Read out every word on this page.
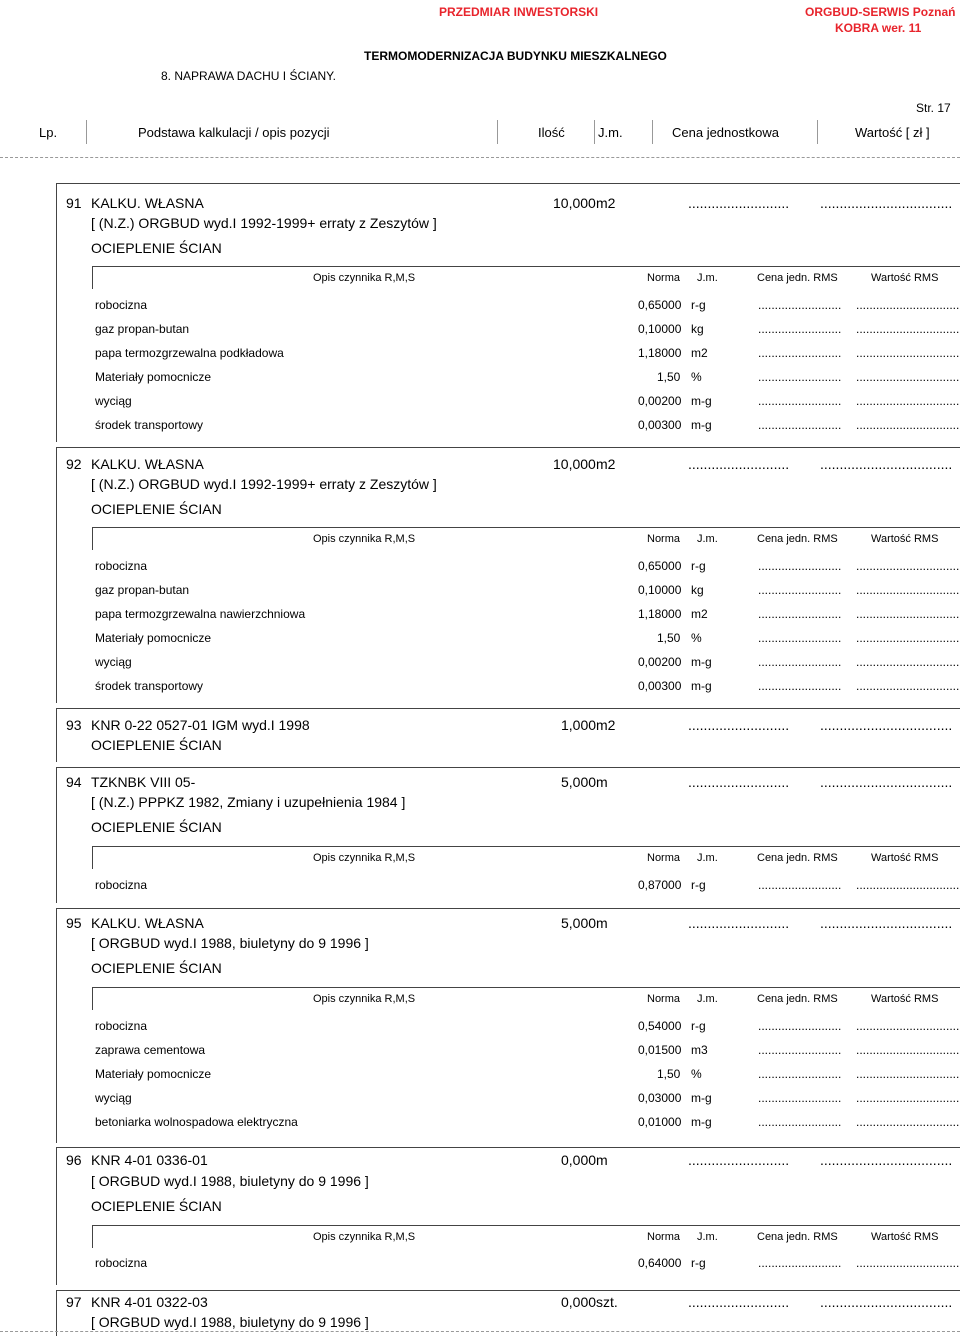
PRZEDMIAR INWESTORSKI	ORGBUD-SERWIS Poznań
KOBRA wer. 11
TERMOMODERNIZACJA BUDYNKU MIESZKALNEGO
8. NAPRAWA DACHU I ŚCIANY.
Str. 17
Lp.	Podstawa kalkulacji / opis pozycji	Ilość	J.m.	Cena jednostkowa	Wartość [ zł ]
91 KALKU. WŁASNA	10,000 m2	.......................... ..................................
[ (N.Z.) ORGBUD wyd.I 1992-1999+ erraty z Zeszytów ]
OCIEPLENIE ŚCIAN
Opis czynnika R,M,S	Norma J.m.	Cena jedn. RMS	Wartość RMS
robocizna	0,65000 r-g	......................... ...............................
gaz propan-butan	0,10000 kg	......................... ...............................
papa termozgrzewalna podkładowa	1,18000 m2	......................... ...............................
Materiały pomocnicze	1,50 %	......................... ...............................
wyciąg	0,00200 m-g	......................... ...............................
środek transportowy	0,00300 m-g	......................... ...............................
92 KALKU. WŁASNA	10,000 m2	.......................... ..................................
[ (N.Z.) ORGBUD wyd.I 1992-1999+ erraty z Zeszytów ]
OCIEPLENIE ŚCIAN
Opis czynnika R,M,S	Norma J.m.	Cena jedn. RMS	Wartość RMS
robocizna	0,65000 r-g	......................... ...............................
gaz propan-butan	0,10000 kg	......................... ...............................
papa termozgrzewalna nawierzchniowa	1,18000 m2	......................... ...............................
Materiały pomocnicze	1,50 %	......................... ...............................
wyciąg	0,00200 m-g	......................... ...............................
środek transportowy	0,00300 m-g	......................... ...............................
93 KNR 0-22 0527-01 IGM wyd.I 1998	1,000 m2	.......................... ..................................
OCIEPLENIE ŚCIAN
94 TZKNBK VIII 05-	5,000 m	.......................... ..................................
[ (N.Z.) PPPKZ 1982, Zmiany i uzupełnienia 1984 ]
OCIEPLENIE ŚCIAN
Opis czynnika R,M,S	Norma J.m.	Cena jedn. RMS	Wartość RMS
robocizna	0,87000 r-g	......................... ...............................
95 KALKU. WŁASNA	5,000 m	.......................... ..................................
[ ORGBUD wyd.I 1988, biuletyny do 9 1996 ]
OCIEPLENIE ŚCIAN
Opis czynnika R,M,S	Norma J.m.	Cena jedn. RMS	Wartość RMS
robocizna	0,54000 r-g	......................... ...............................
zaprawa cementowa	0,01500 m3	......................... ...............................
Materiały pomocnicze	1,50 %	......................... ...............................
wyciąg	0,03000 m-g	......................... ...............................
betoniarka wolnospadowa elektryczna	0,01000 m-g	......................... ...............................
96 KNR 4-01 0336-01	0,000 m	.......................... ..................................
[ ORGBUD wyd.I 1988, biuletyny do 9 1996 ]
OCIEPLENIE ŚCIAN
Opis czynnika R,M,S	Norma J.m.	Cena jedn. RMS	Wartość RMS
robocizna	0,64000 r-g	......................... ...............................
97 KNR 4-01 0322-03	0,000 szt.	.......................... ..................................
[ ORGBUD wyd.I 1988, biuletyny do 9 1996 ]
